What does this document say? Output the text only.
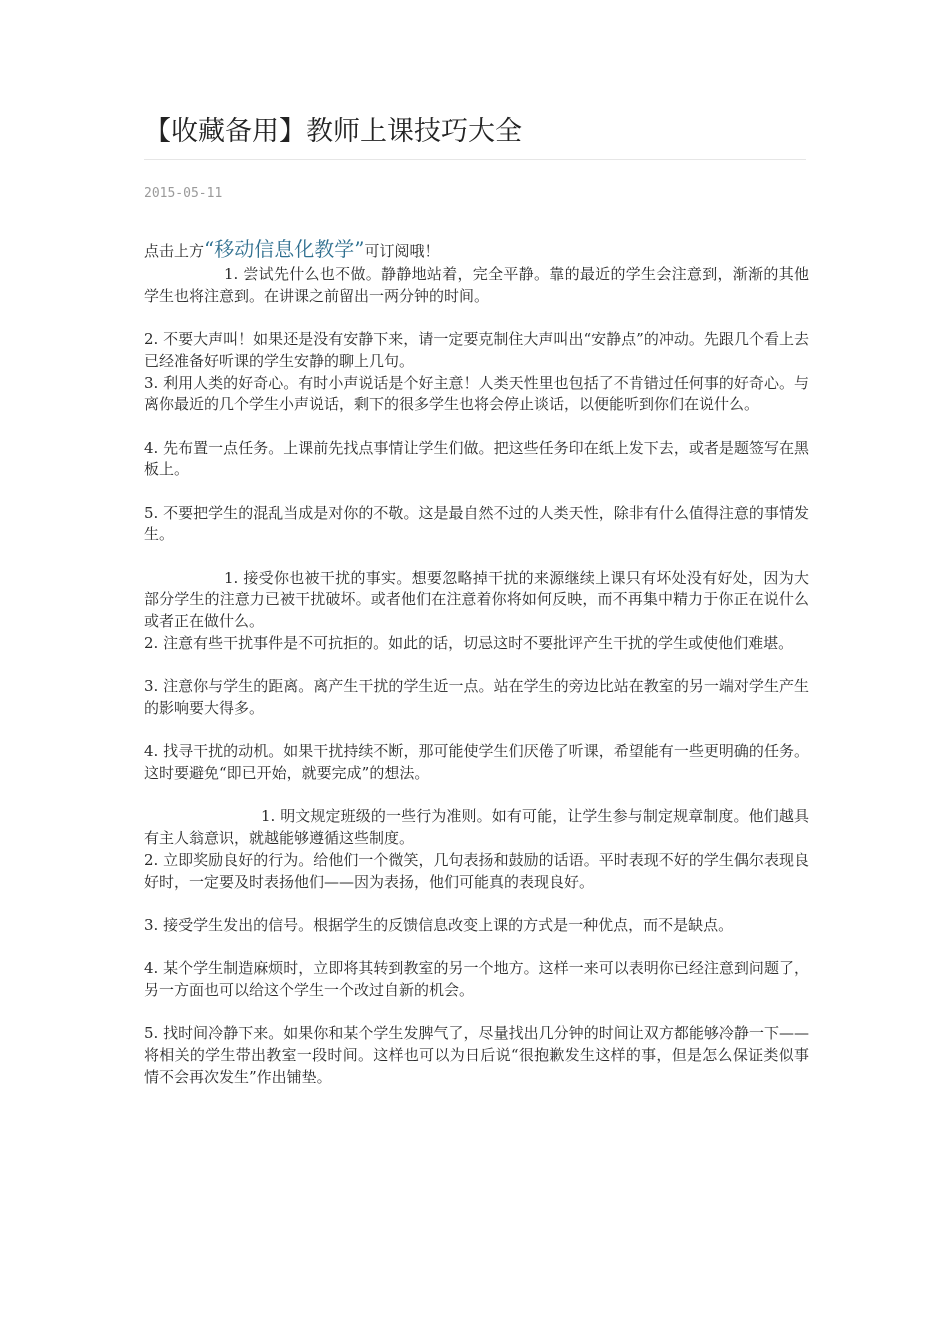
【收藏备用】教师上课技巧大全
2015-05-11

点击上方“移动信息化教学”可订阅哦！

1. 尝试先什么也不做。静静地站着，完全平静。靠的最近的学生会注意到，渐渐的其他学生也将注意到。在讲课之前留出一两分钟的时间。

2. 不要大声叫！如果还是没有安静下来，请一定要克制住大声叫出“安静点”的冲动。先跟几个看上去已经准备好听课的学生安静的聊上几句。

3. 利用人类的好奇心。有时小声说话是个好主意！人类天性里也包括了不肯错过任何事的好奇心。与离你最近的几个学生小声说话，剩下的很多学生也将会停止谈话，以便能听到你们在说什么。

4. 先布置一点任务。上课前先找点事情让学生们做。把这些任务印在纸上发下去，或者是题签写在黑板上。

5. 不要把学生的混乱当成是对你的不敬。这是最自然不过的人类天性，除非有什么值得注意的事情发生。

1. 接受你也被干扰的事实。想要忽略掉干扰的来源继续上课只有坏处没有好处，因为大部分学生的注意力已被干扰破坏。或者他们在注意着你将如何反映，而不再集中精力于你正在说什么或者正在做什么。

2. 注意有些干扰事件是不可抗拒的。如此的话，切忌这时不要批评产生干扰的学生或使他们难堪。

3. 注意你与学生的距离。离产生干扰的学生近一点。站在学生的旁边比站在教室的另一端对学生产生的影响要大得多。

4. 找寻干扰的动机。如果干扰持续不断，那可能使学生们厌倦了听课，希望能有一些更明确的任务。这时要避免“即已开始，就要完成”的想法。

1. 明文规定班级的一些行为准则。如有可能，让学生参与制定规章制度。他们越具有主人翁意识，就越能够遵循这些制度。

2. 立即奖励良好的行为。给他们一个微笑，几句表扬和鼓励的话语。平时表现不好的学生偶尔表现良好时，一定要及时表扬他们——因为表扬，他们可能真的表现良好。

3. 接受学生发出的信号。根据学生的反馈信息改变上课的方式是一种优点，而不是缺点。

4. 某个学生制造麻烦时，立即将其转到教室的另一个地方。这样一来可以表明你已经注意到问题了，另一方面也可以给这个学生一个改过自新的机会。

5. 找时间冷静下来。如果你和某个学生发脾气了，尽量找出几分钟的时间让双方都能够冷静一下——将相关的学生带出教室一段时间。这样也可以为日后说“很抱歉发生这样的事，但是怎么保证类似事情不会再次发生”作出铺垫。
